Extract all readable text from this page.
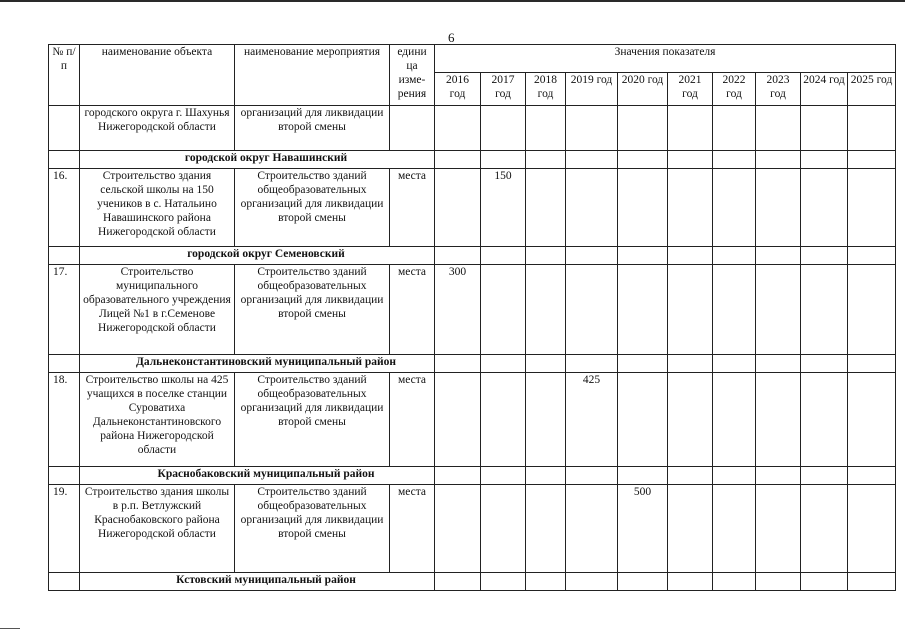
6
№ п/п	наименование объекта	наименование мероприятия	едини ца изме- рения	Значения показателя									
				2016 год	2017 год	2018 год	2019 год	2020 год	2021 год	2022 год	2023 год	2024 год	2025 год
	городского округа г. Шахунья Нижегородской области	организаций для ликвидации второй смены											
	городской округ Навашинский												
16.	Строительство здания сельской школы на 150 учеников в с. Натальино Навашинского района Нижегородской области	Строительство зданий общеобразовательных организаций для ликвидации второй смены	места		150								
	городской округ Семеновский												
17.	Строительство муниципального образовательного учреждения Лицей №1 в г.Семенове Нижегородской области	Строительство зданий общеобразовательных организаций для ликвидации второй смены	места	300									
	Дальнеконстантиновский муниципальный район												
18.	Строительство школы на 425 учащихся в поселке станции Суроватиха Дальнеконстантиновского района Нижегородской области	Строительство зданий общеобразовательных организаций для ликвидации второй смены	места				425						
	Краснобаковский муниципальный район												
19.	Строительство здания школы в р.п. Ветлужский Краснобаковского района Нижегородской области	Строительство зданий общеобразовательных организаций для ликвидации второй смены	места					500					
	Кстовский муниципальный район												
